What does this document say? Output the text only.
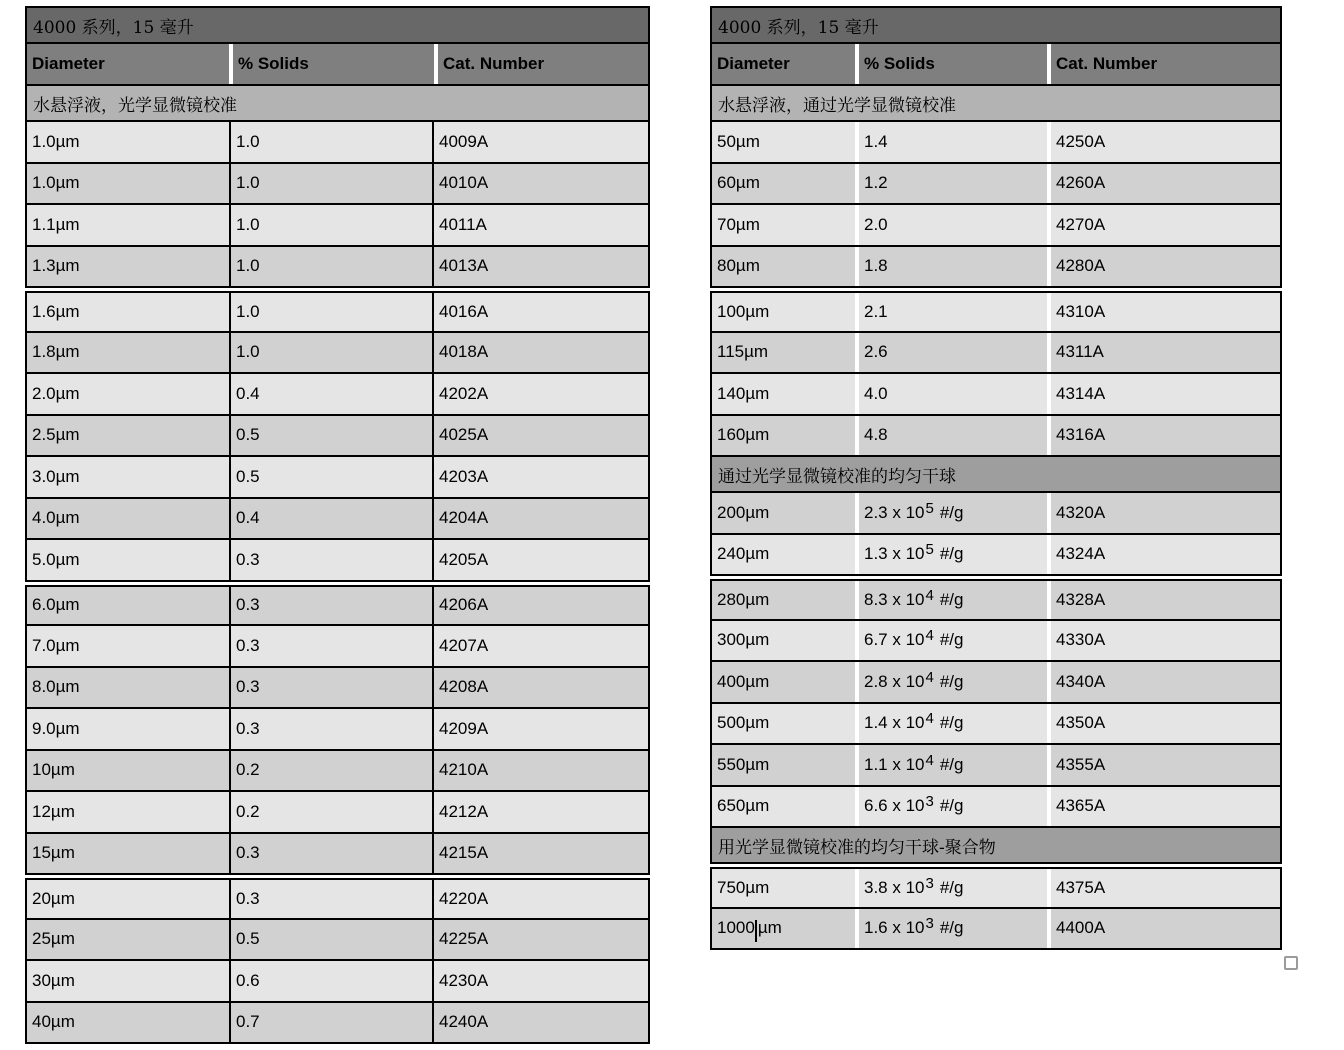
4000 系列，15 毫升
Diameter	% Solids	Cat. Number
水悬浮液，光学显微镜校准
1.0µm	1.0	4009A
1.0µm	1.0	4010A
1.1µm	1.0	4011A
1.3µm	1.0	4013A
1.6µm	1.0	4016A
1.8µm	1.0	4018A
2.0µm	0.4	4202A
2.5µm	0.5	4025A
3.0µm	0.5	4203A
4.0µm	0.4	4204A
5.0µm	0.3	4205A
6.0µm	0.3	4206A
7.0µm	0.3	4207A
8.0µm	0.3	4208A
9.0µm	0.3	4209A
10µm	0.2	4210A
12µm	0.2	4212A
15µm	0.3	4215A
20µm	0.3	4220A
25µm	0.5	4225A
30µm	0.6	4230A
40µm	0.7	4240A
4000 系列，15 毫升
Diameter	% Solids	Cat. Number
水悬浮液，通过光学显微镜校准
50µm	1.4	4250A
60µm	1.2	4260A
70µm	2.0	4270A
80µm	1.8	4280A
100µm	2.1	4310A
115µm	2.6	4311A
140µm	4.0	4314A
160µm	4.8	4316A
通过光学显微镜校准的均匀干球
200µm	2.3 x $10^5$ #/g	4320A
240µm	1.3 x $10^5$ #/g	4324A
280µm	8.3 x $10^4$ #/g	4328A
300µm	6.7 x $10^4$ #/g	4330A
400µm	2.8 x $10^4$ #/g	4340A
500µm	1.4 x $10^4$ #/g	4350A
550µm	1.1 x $10^4$ #/g	4355A
650µm	6.6 x $10^3$ #/g	4365A
用光学显微镜校准的均匀干球-聚合物
750µm	3.8 x $10^3$ #/g	4375A
1000 µm	1.6 x $10^3$ #/g	4400A
